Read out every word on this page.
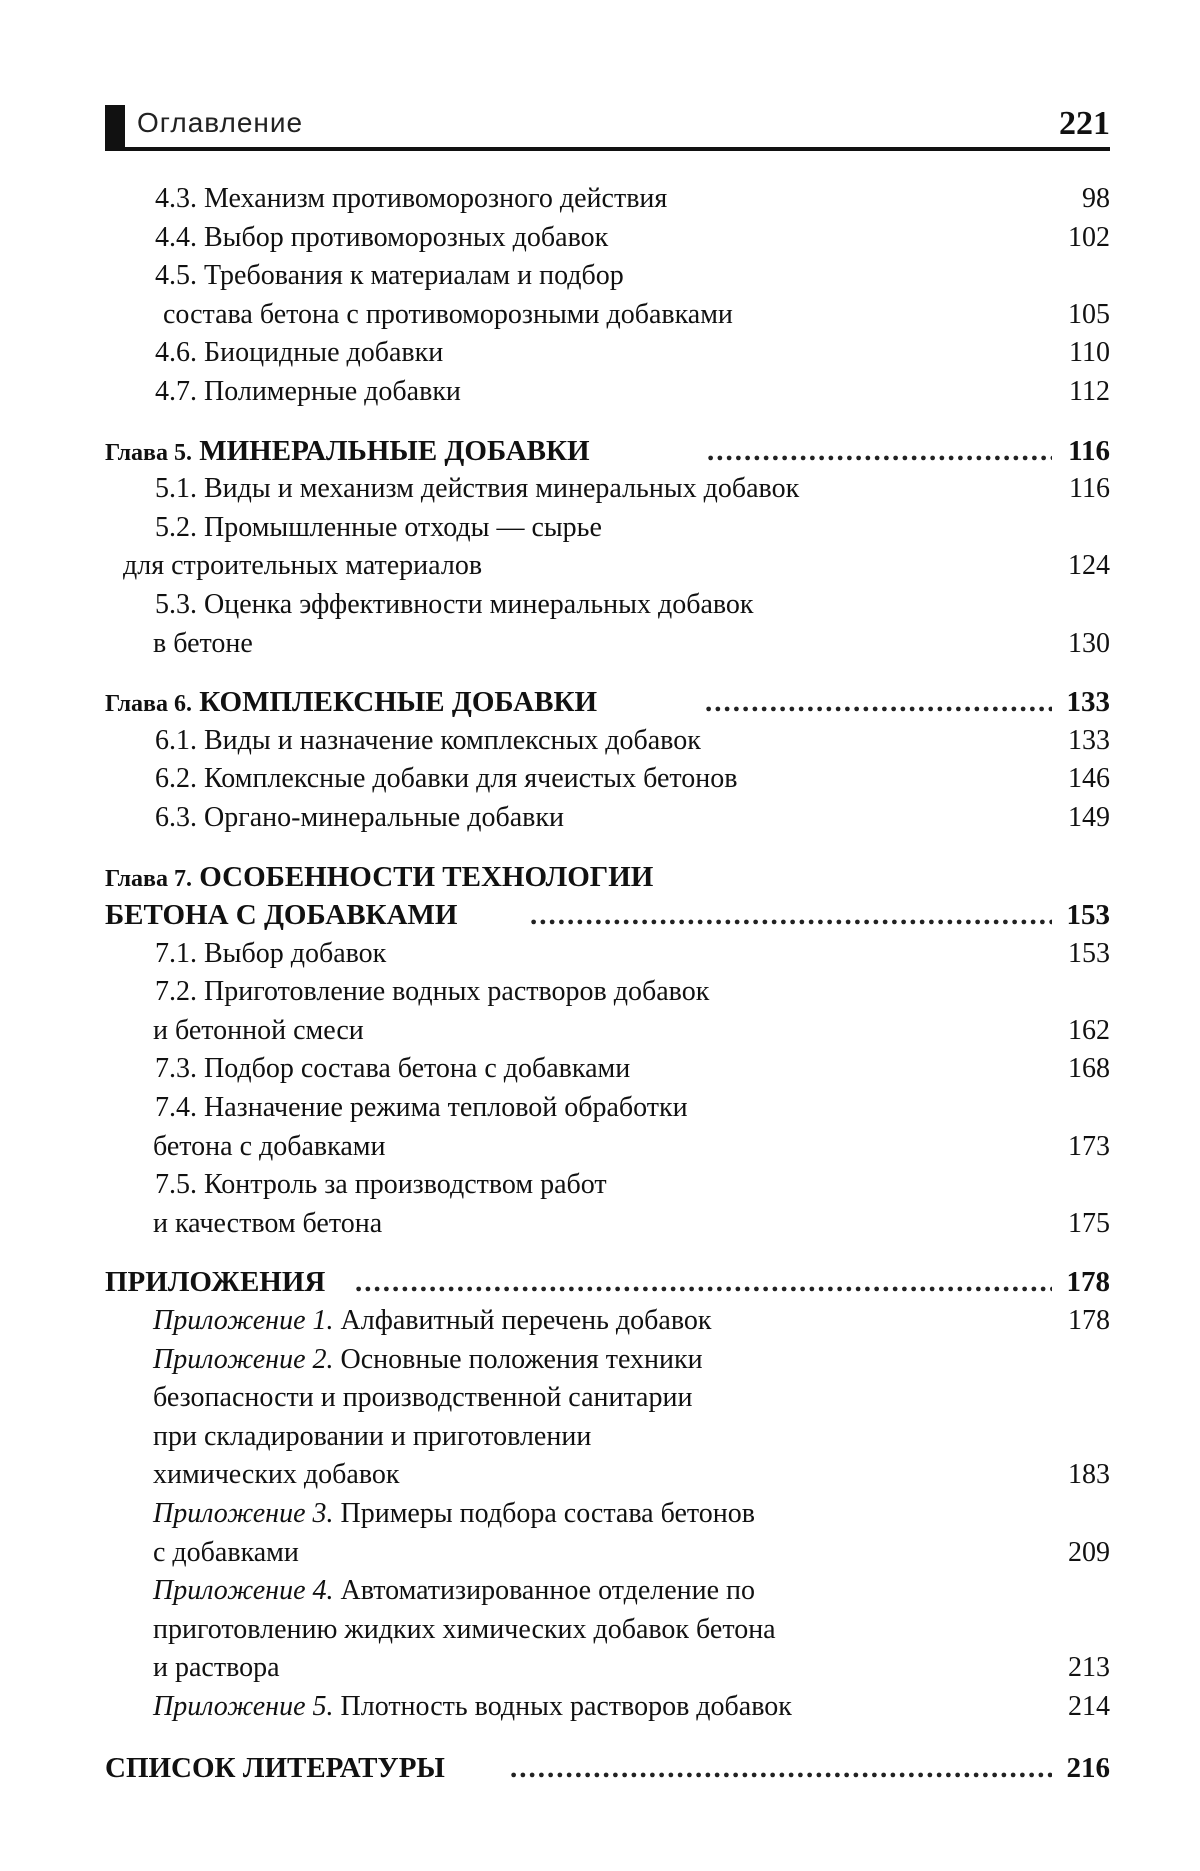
Оглавление	221
4.3. Механизм противоморозного действия	98
4.4. Выбор противоморозных добавок	102
4.5. Требования к материалам и подбор
состава бетона с противоморозными добавками	105
4.6. Биоцидные добавки	110
4.7. Полимерные добавки	112
Глава 5. МИНЕРАЛЬНЫЕ ДОБАВКИ .....	116
5.1. Виды и механизм действия минеральных добавок	116
5.2. Промышленные отходы — сырье
для строительных материалов	124
5.3. Оценка эффективности минеральных добавок
в бетоне	130
Глава 6. КОМПЛЕКСНЫЕ ДОБАВКИ .....	133
6.1. Виды и назначение комплексных добавок	133
6.2. Комплексные добавки для ячеистых бетонов	146
6.3. Органо-минеральные добавки	149
Глава 7. ОСОБЕННОСТИ ТЕХНОЛОГИИ
БЕТОНА С ДОБАВКАМИ .....	153
7.1. Выбор добавок	153
7.2. Приготовление водных растворов добавок
и бетонной смеси	162
7.3. Подбор состава бетона с добавками	168
7.4. Назначение режима тепловой обработки
бетона с добавками	173
7.5. Контроль за производством работ
и качеством бетона	175
ПРИЛОЖЕНИЯ .....	178
Приложение 1. Алфавитный перечень добавок	178
Приложение 2. Основные положения техники
безопасности и производственной санитарии
при складировании и приготовлении
химических добавок	183
Приложение 3. Примеры подбора состава бетонов
с добавками	209
Приложение 4. Автоматизированное отделение по
приготовлению жидких химических добавок бетона
и раствора	213
Приложение 5. Плотность водных растворов добавок	214
СПИСОК ЛИТЕРАТУРЫ .....	216
